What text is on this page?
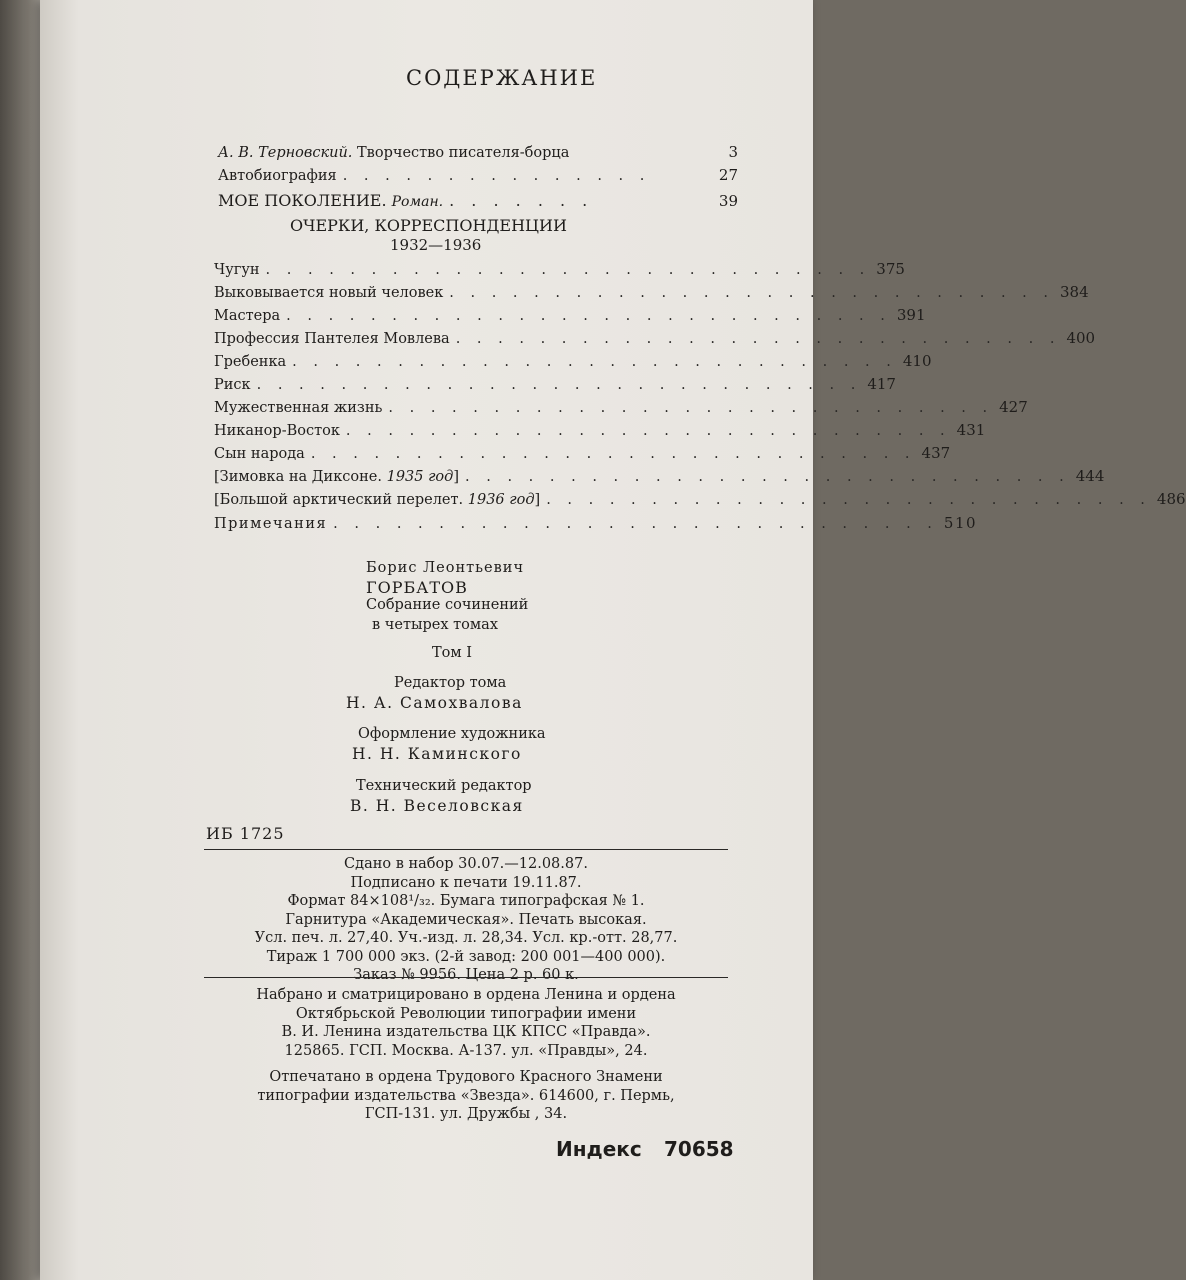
СОДЕРЖАНИЕ
А. В. Терновский. Творчество писателя-борца	3
Автобиография . . . . . . . . . . . . . . .	27
МОЕ ПОКОЛЕНИЕ. Роман. . . . . . . .	39
ОЧЕРКИ, КОРРЕСПОНДЕНЦИИ
1932—1936
Чугун . . . . . . . . . . . . . . . . . . . . . . . . . . . . . 375
Выковывается новый человек . . . . . . . . . . . . . . . . . . . . . . . . . . . . . 384
Мастера . . . . . . . . . . . . . . . . . . . . . . . . . . . . . 391
Профессия Пантелея Мовлева . . . . . . . . . . . . . . . . . . . . . . . . . . . . . 400
Гребенка . . . . . . . . . . . . . . . . . . . . . . . . . . . . . 410
Риск . . . . . . . . . . . . . . . . . . . . . . . . . . . . . 417
Мужественная жизнь . . . . . . . . . . . . . . . . . . . . . . . . . . . . . 427
Никанор-Восток . . . . . . . . . . . . . . . . . . . . . . . . . . . . . 431
Сын народа . . . . . . . . . . . . . . . . . . . . . . . . . . . . . 437
[Зимовка на Диксоне. 1935 год] . . . . . . . . . . . . . . . . . . . . . . . . . . . . . 444
[Большой арктический перелет. 1936 год] . . . . . . . . . . . . . . . . . . . . . . . . . . . . . 486
Примечания . . . . . . . . . . . . . . . . . . . . . . . . . . . . . 510
Борис Леонтьевич
ГОРБАТОВ
Собрание сочинений
в четырех томах
Том I
Редактор тома
Н. А. Самохвалова
Оформление художника
Н. Н. Каминского
Технический редактор
В. Н. Веселовская
ИБ 1725
Сдано в набор 30.07.—12.08.87.
Подписано к печати 19.11.87.
Формат 84×108¹/₃₂. Бумага типографская № 1.
Гарнитура «Академическая». Печать высокая.
Усл. печ. л. 27,40. Уч.-изд. л. 28,34. Усл. кр.-отт. 28,77.
Тираж 1 700 000 экз. (2-й завод: 200 001—400 000).
Заказ № 9956. Цена 2 р. 60 к.
Набрано и сматрицировано в ордена Ленина и ордена
Октябрьской Революции типографии имени
В. И. Ленина издательства ЦК КПСС «Правда».
125865. ГСП. Москва. А-137. ул. «Правды», 24.
Отпечатано в ордена Трудового Красного Знамени
типографии издательства «Звезда». 614600, г. Пермь,
ГСП-131. ул. Дружбы , 34.
Индекс 70658
